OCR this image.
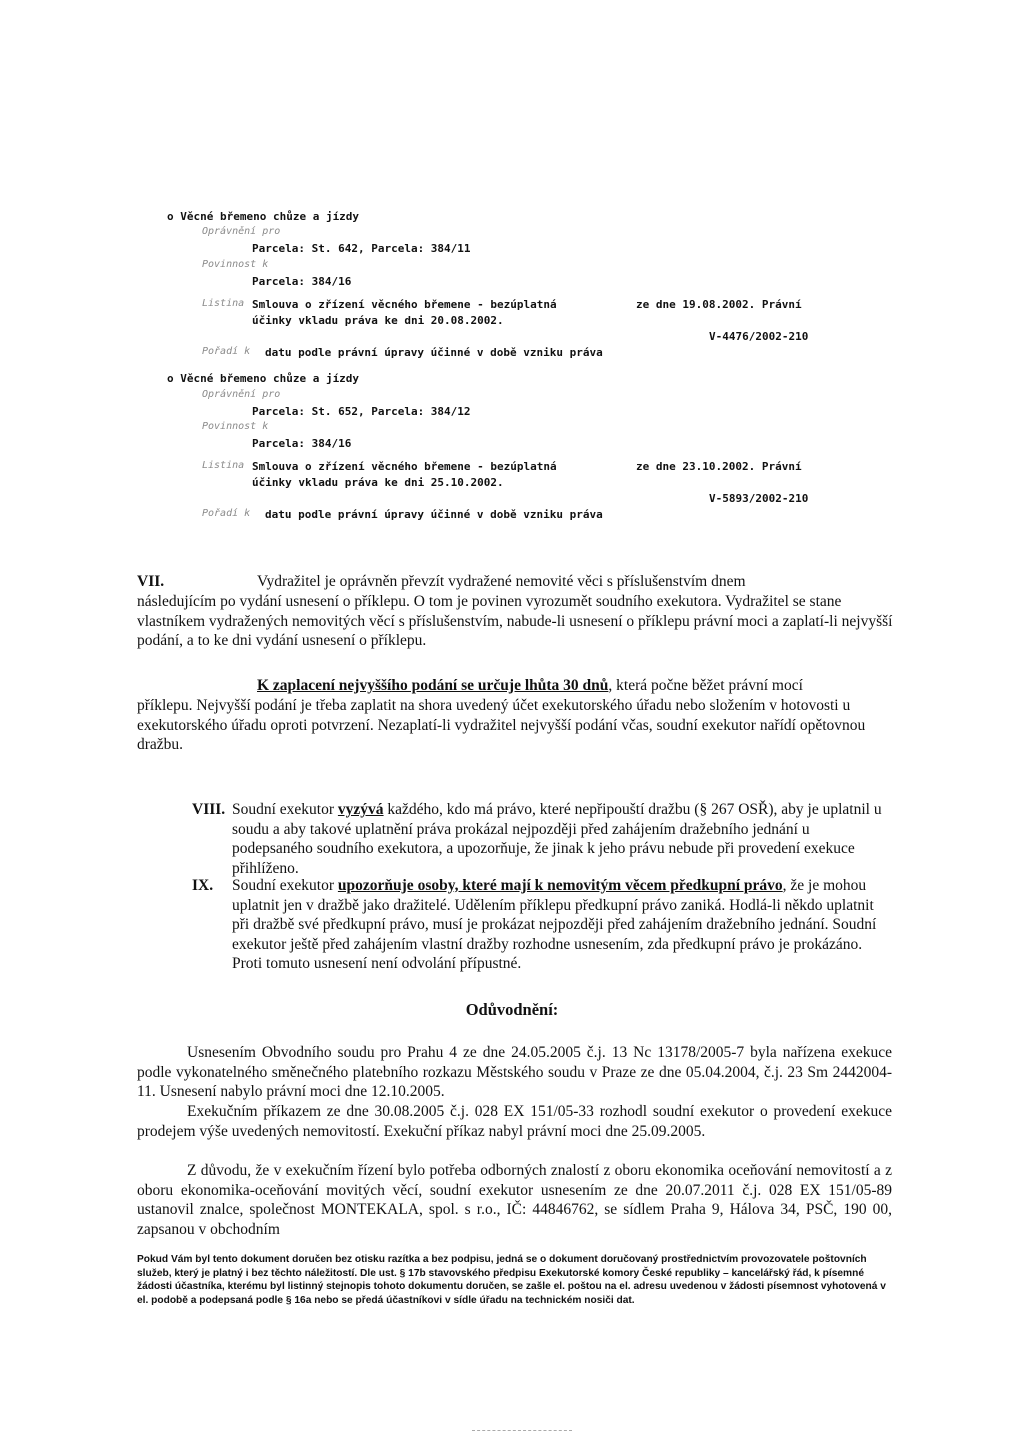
o Věcné břemeno chůze a jízdy
Oprávnění pro
Parcela: St. 642, Parcela: 384/11
Povinnost k
Parcela: 384/16
Listina Smlouva o zřízení věcného břemene - bezúplatná	ze dne 19.08.2002. Právní
účinky vkladu práva ke dni 20.08.2002.
V-4476/2002-210
Pořadí k datu podle právní úpravy účinné v době vzniku práva
o Věcné břemeno chůze a jízdy
Oprávnění pro
Parcela: St. 652, Parcela: 384/12
Povinnost k
Parcela: 384/16
Listina Smlouva o zřízení věcného břemene - bezúplatná	ze dne 23.10.2002. Právní
účinky vkladu práva ke dni 25.10.2002.
V-5893/2002-210
Pořadí k datu podle právní úpravy účinné v době vzniku práva
VII.	Vydražitel je oprávněn převzít vydražené nemovité věci s příslušenstvím dnem
následujícím po vydání usnesení o příklepu. O tom je povinen vyrozumět soudního exekutora. Vydražitel se stane vlastníkem vydražených nemovitých věcí s příslušenstvím, nabude-li usnesení o příklepu právní moci a zaplatí-li nejvyšší podání, a to ke dni vydání usnesení o příklepu.
K zaplacení nejvyššího podání se určuje lhůta 30 dnů, která počne běžet právní mocí
příklepu. Nejvyšší podání je třeba zaplatit na shora uvedený účet exekutorského úřadu nebo složením v hotovosti u exekutorského úřadu oproti potvrzení. Nezaplatí-li vydražitel nejvyšší podání včas, soudní exekutor nařídí opětovnou dražbu.
VIII. Soudní exekutor vyzývá každého, kdo má právo, které nepřipouští dražbu (§ 267 OSŘ), aby je uplatnil u soudu a aby takové uplatnění práva prokázal nejpozději před zahájením dražebního jednání u podepsaného soudního exekutora, a upozorňuje, že jinak k jeho právu nebude při provedení exekuce přihlíženo.
IX. Soudní exekutor upozorňuje osoby, které mají k nemovitým věcem předkupní právo, že je mohou uplatnit jen v dražbě jako dražitelé. Udělením příklepu předkupní právo zaniká. Hodlá-li někdo uplatnit při dražbě své předkupní právo, musí je prokázat nejpozději před zahájením dražebního jednání. Soudní exekutor ještě před zahájením vlastní dražby rozhodne usnesením, zda předkupní právo je prokázáno. Proti tomuto usnesení není odvolání přípustné.
Odůvodnění:
Usnesením Obvodního soudu pro Prahu 4 ze dne 24.05.2005 č.j. 13 Nc 13178/2005-7 byla nařízena exekuce podle vykonatelného směnečného platebního rozkazu Městského soudu v Praze ze dne 05.04.2004, č.j. 23 Sm 2442004-11. Usnesení nabylo právní moci dne 12.10.2005.
Exekučním příkazem ze dne 30.08.2005 č.j. 028 EX 151/05-33 rozhodl soudní exekutor o provedení exekuce prodejem výše uvedených nemovitostí. Exekuční příkaz nabyl právní moci dne 25.09.2005.
Z důvodu, že v exekučním řízení bylo potřeba odborných znalostí z oboru ekonomika oceňování nemovitostí a z oboru ekonomika-oceňování movitých věcí, soudní exekutor usnesením ze dne 20.07.2011 č.j. 028 EX 151/05-89 ustanovil znalce, společnost MONTEKALA, spol. s r.o., IČ: 44846762, se sídlem Praha 9, Hálova 34, PSČ, 190 00, zapsanou v obchodním
Pokud Vám byl tento dokument doručen bez otisku razítka a bez podpisu, jedná se o dokument doručovaný prostřednictvím provozovatele poštovních služeb, který je platný i bez těchto náležitostí. Dle ust. § 17b stavovského předpisu Exekutorské komory České republiky – kancelářský řád, k písemné žádosti účastníka, kterému byl listinný stejnopis tohoto dokumentu doručen, se zašle el. poštou na el. adresu uvedenou v žádosti písemnost vyhotovená v el. podobě a podepsaná podle § 16a nebo se předá účastníkovi v sídle úřadu na technickém nosiči dat.
